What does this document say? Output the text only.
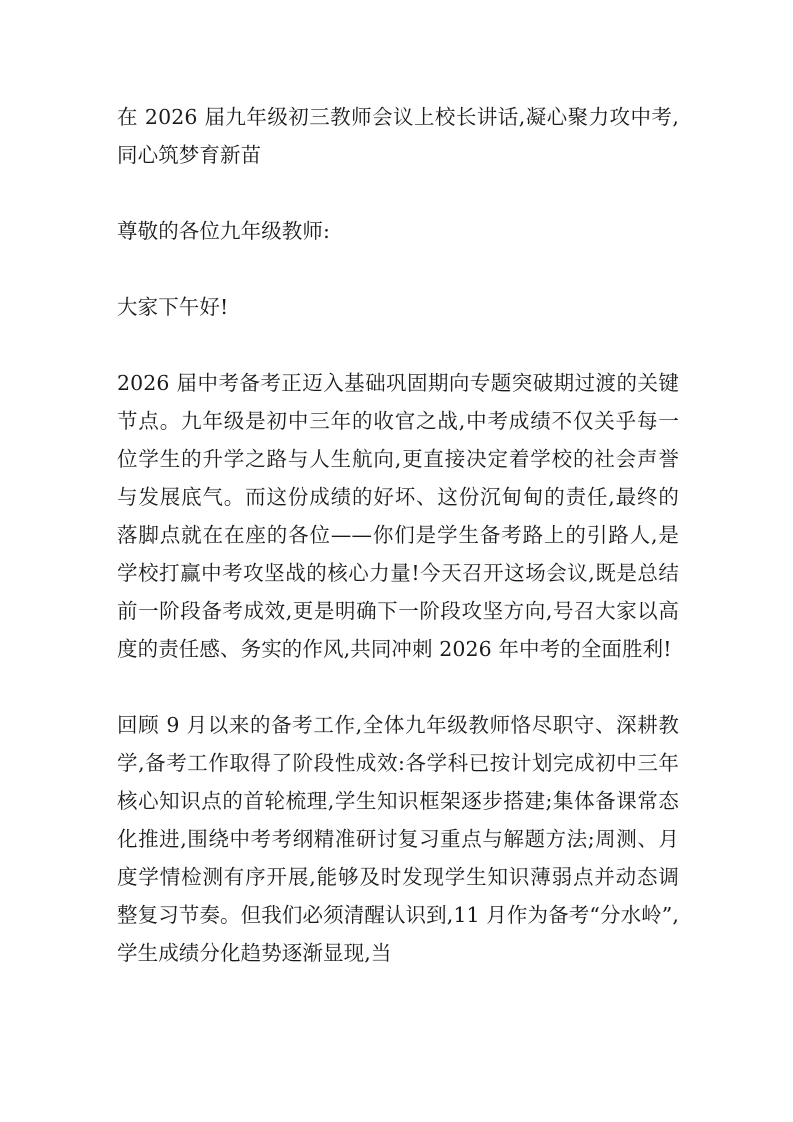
在 2026 届九年级初三教师会议上校长讲话,凝心聚力攻中考,同心筑梦育新苗

尊敬的各位九年级教师:

大家下午好!

2026 届中考备考正迈入基础巩固期向专题突破期过渡的关键节点。九年级是初中三年的收官之战,中考成绩不仅关乎每一位学生的升学之路与人生航向,更直接决定着学校的社会声誉与发展底气。而这份成绩的好坏、这份沉甸甸的责任,最终的落脚点就在在座的各位——你们是学生备考路上的引路人,是学校打赢中考攻坚战的核心力量!今天召开这场会议,既是总结前一阶段备考成效,更是明确下一阶段攻坚方向,号召大家以高度的责任感、务实的作风,共同冲刺 2026 年中考的全面胜利!

回顾 9 月以来的备考工作,全体九年级教师恪尽职守、深耕教学,备考工作取得了阶段性成效:各学科已按计划完成初中三年核心知识点的首轮梳理,学生知识框架逐步搭建;集体备课常态化推进,围绕中考考纲精准研讨复习重点与解题方法;周测、月度学情检测有序开展,能够及时发现学生知识薄弱点并动态调整复习节奏。但我们必须清醒认识到,11 月作为备考“分水岭”,学生成绩分化趋势逐渐显现,当
